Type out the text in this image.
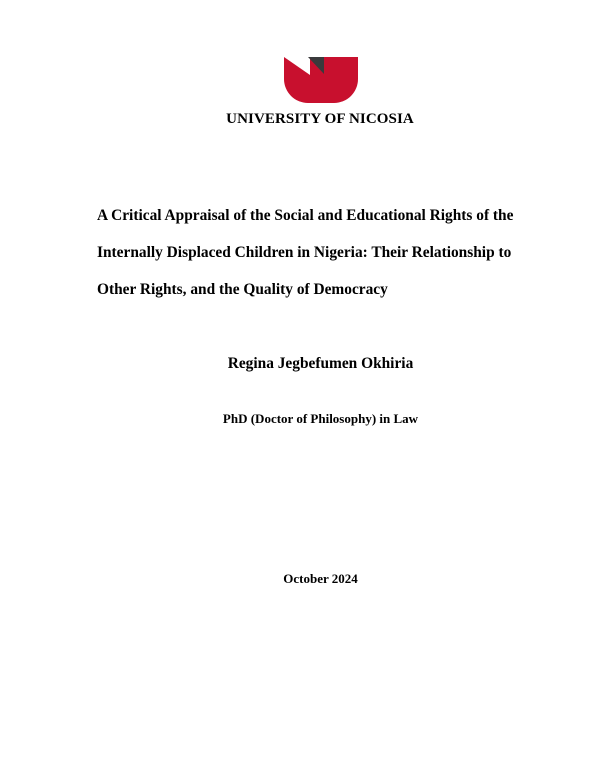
UNIVERSITY OF NICOSIA
A Critical Appraisal of the Social and Educational Rights of the
Internally Displaced Children in Nigeria: Their Relationship to
Other Rights, and the Quality of Democracy
Regina Jegbefumen Okhiria
PhD (Doctor of Philosophy) in Law
October 2024
